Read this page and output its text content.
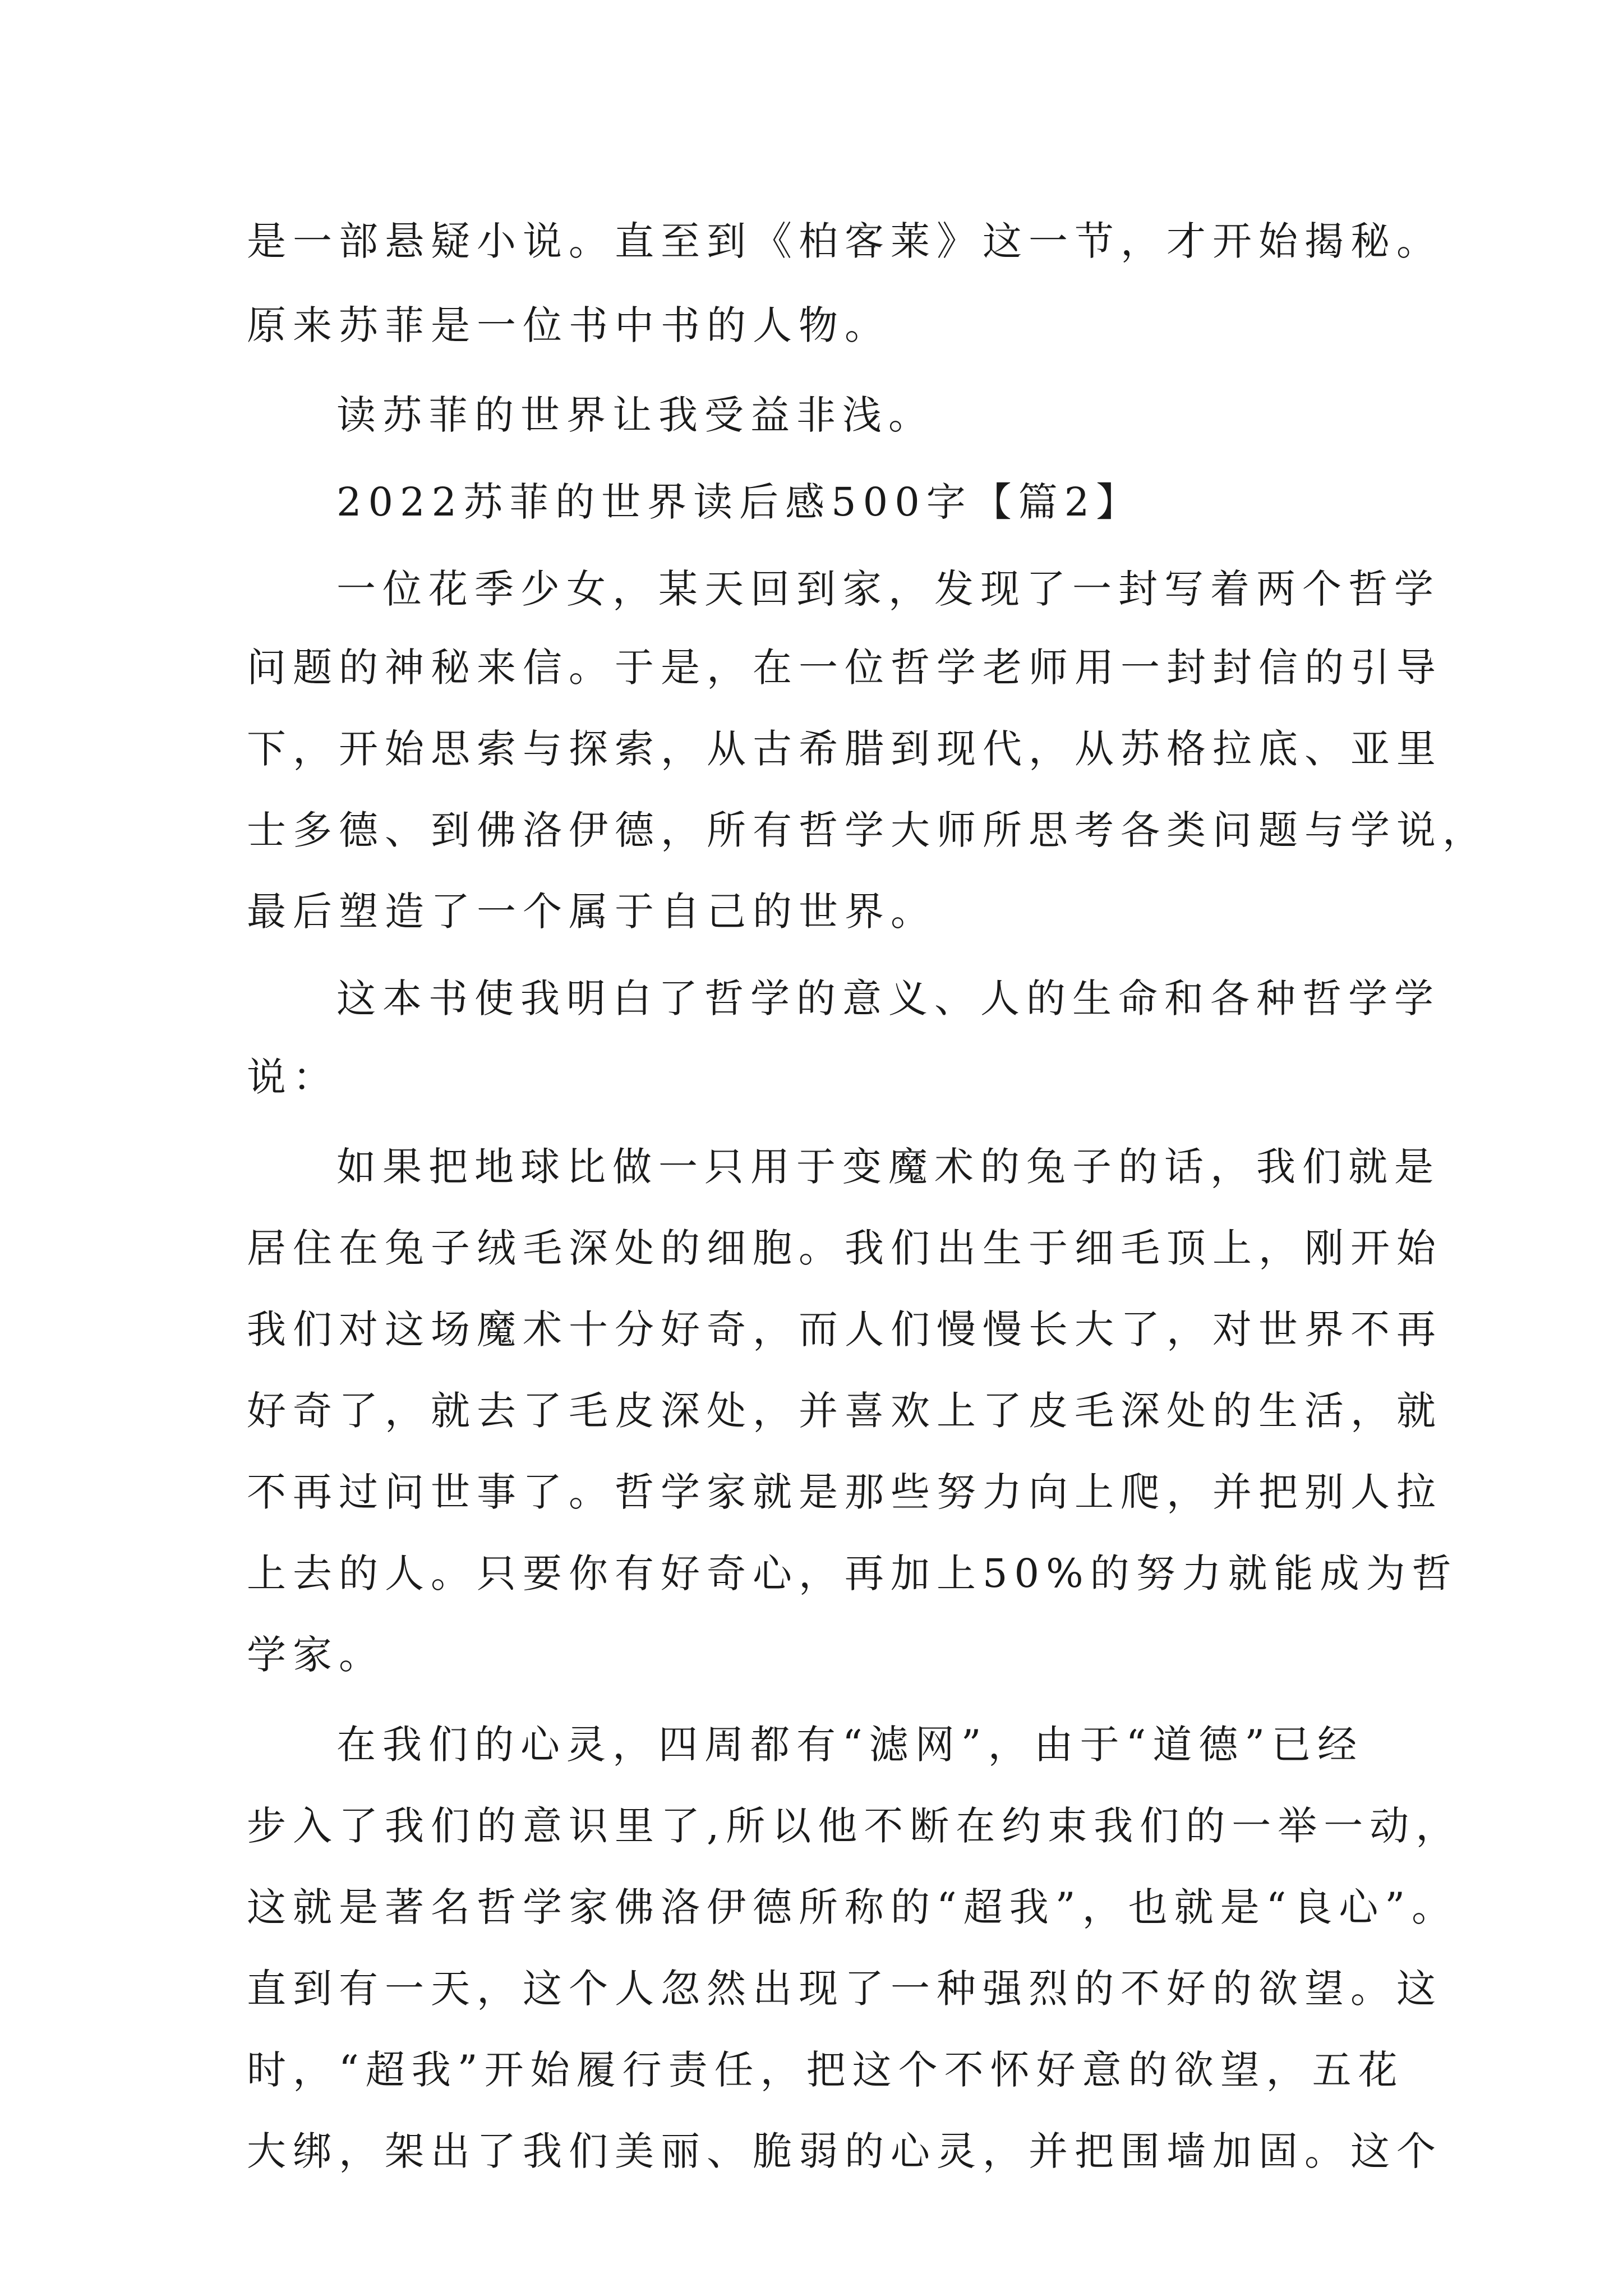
是一部悬疑小说。直至到《柏客莱》这一节，才开始揭秘。

原来苏菲是一位书中书的人物。

读苏菲的世界让我受益非浅。

2022苏菲的世界读后感500字【篇2】

一位花季少女，某天回到家，发现了一封写着两个哲学

问题的神秘来信。于是，在一位哲学老师用一封封信的引导

下，开始思索与探索，从古希腊到现代，从苏格拉底、亚里

士多德、到佛洛伊德，所有哲学大师所思考各类问题与学说，

最后塑造了一个属于自己的世界。

这本书使我明白了哲学的意义、人的生命和各种哲学学

说：

如果把地球比做一只用于变魔术的兔子的话，我们就是

居住在兔子绒毛深处的细胞。我们出生于细毛顶上，刚开始

我们对这场魔术十分好奇，而人们慢慢长大了，对世界不再

好奇了，就去了毛皮深处，并喜欢上了皮毛深处的生活，就

不再过问世事了。哲学家就是那些努力向上爬，并把别人拉

上去的人。只要你有好奇心，再加上50%的努力就能成为哲

学家。

在我们的心灵，四周都有“滤网”，由于“道德”已经

步入了我们的意识里了,所以他不断在约束我们的一举一动，

这就是著名哲学家佛洛伊德所称的“超我”，也就是“良心”。

直到有一天，这个人忽然出现了一种强烈的不好的欲望。这

时，“超我”开始履行责任，把这个不怀好意的欲望，五花

大绑，架出了我们美丽、脆弱的心灵，并把围墙加固。这个
